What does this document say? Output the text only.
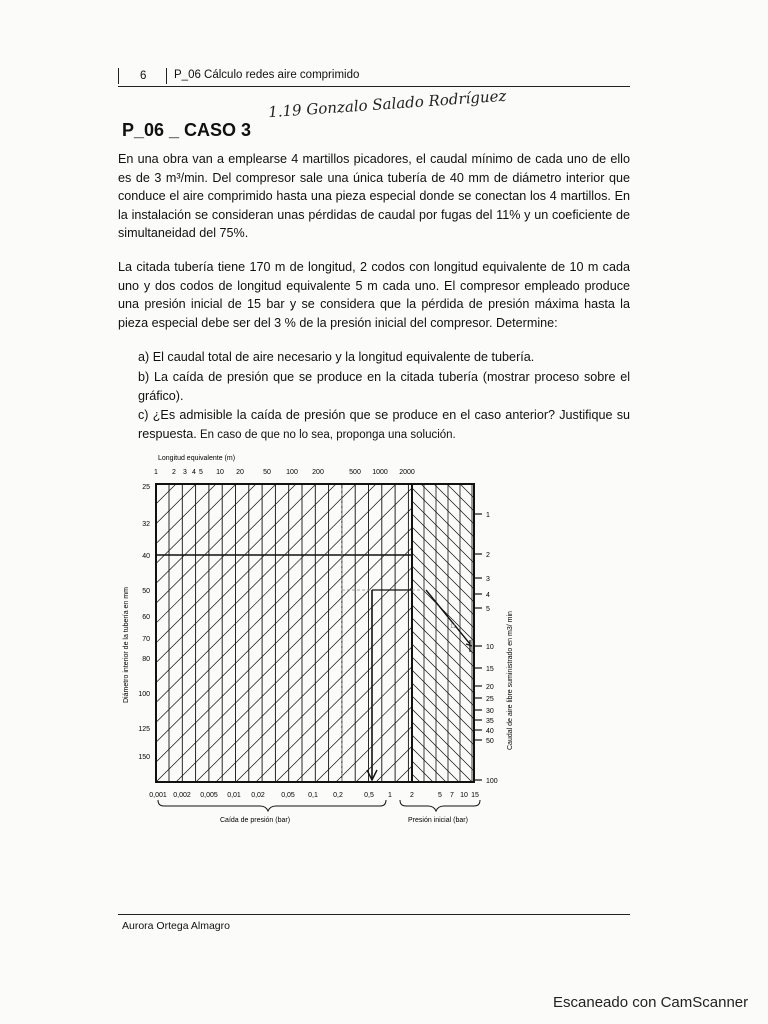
6 P_06 Cálculo redes aire comprimido
1.19 Gonzalo Salado Rodríguez
P_06 _ CASO 3

En una obra van a emplearse 4 martillos picadores, el caudal mínimo de cada uno de ello es de 3 m³/min. Del compresor sale una única tubería de 40 mm de diámetro interior que conduce el aire comprimido hasta una pieza especial donde se conectan los 4 martillos. En la instalación se consideran unas pérdidas de caudal por fugas del 11% y un coeficiente de simultaneidad del 75%.

La citada tubería tiene 170 m de longitud, 2 codos con longitud equivalente de 10 m cada uno y dos codos de longitud equivalente 5 m cada uno. El compresor empleado produce una presión inicial de 15 bar y se considera que la pérdida de presión máxima hasta la pieza especial debe ser del 3 % de la presión inicial del compresor. Determine:

a) El caudal total de aire necesario y la longitud equivalente de tubería.

b) La caída de presión que se produce en la citada tubería (mostrar proceso sobre el gráfico).

c) ¿Es admisible la caída de presión que se produce en el caso anterior? Justifique su respuesta. En caso de que no lo sea, proponga una solución.

Longitud equivalente (m)
1 2 3 4 5 10 20	50 100 200	500 1000 2000
25
32
40
50
60
70
80
100
125
150
1
2
3
4
5
10
15
20
25
30
35
40
50
100
0,001 0,002 0,005 0,01 0,02 0,05 0,1 0,2	0,5 1	2	5 7 10 15
11
Diámetro interior de la tubería en mm	Caudal de aire libre suministrado en m3/ min
Caída de presión (bar)	Presión inicial (bar)
Aurora Ortega Almagro
Escaneado con CamScanner
